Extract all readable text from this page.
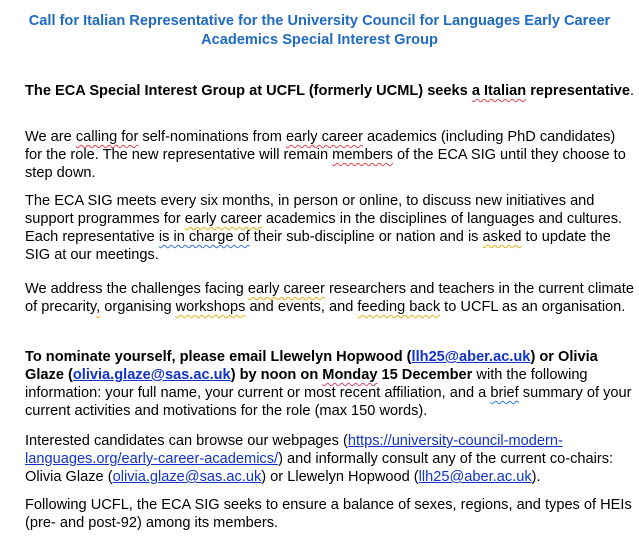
Call for Italian Representative for the University Council for Languages Early Career Academics Special Interest Group

The ECA Special Interest Group at UCFL (formerly UCML) seeks a Italian representative.

We are calling for self-nominations from early career academics (including PhD candidates) for the role. The new representative will remain members of the ECA SIG until they choose to step down.

The ECA SIG meets every six months, in person or online, to discuss new initiatives and support programmes for early career academics in the disciplines of languages and cultures. Each representative is in charge of their sub-discipline or nation and is asked to update the SIG at our meetings.

We address the challenges facing early career researchers and teachers in the current climate of precarity, organising workshops and events, and feeding back to UCFL as an organisation.

To nominate yourself, please email Llewelyn Hopwood (llh25@aber.ac.uk) or Olivia Glaze (olivia.glaze@sas.ac.uk) by noon on Monday 15 December with the following information: your full name, your current or most recent affiliation, and a brief summary of your current activities and motivations for the role (max 150 words).

Interested candidates can browse our webpages (https://university-council-modern-languages.org/early-career-academics/) and informally consult any of the current co-chairs: Olivia Glaze (olivia.glaze@sas.ac.uk) or Llewelyn Hopwood (llh25@aber.ac.uk).

Following UCFL, the ECA SIG seeks to ensure a balance of sexes, regions, and types of HEIs (pre- and post-92) among its members.
